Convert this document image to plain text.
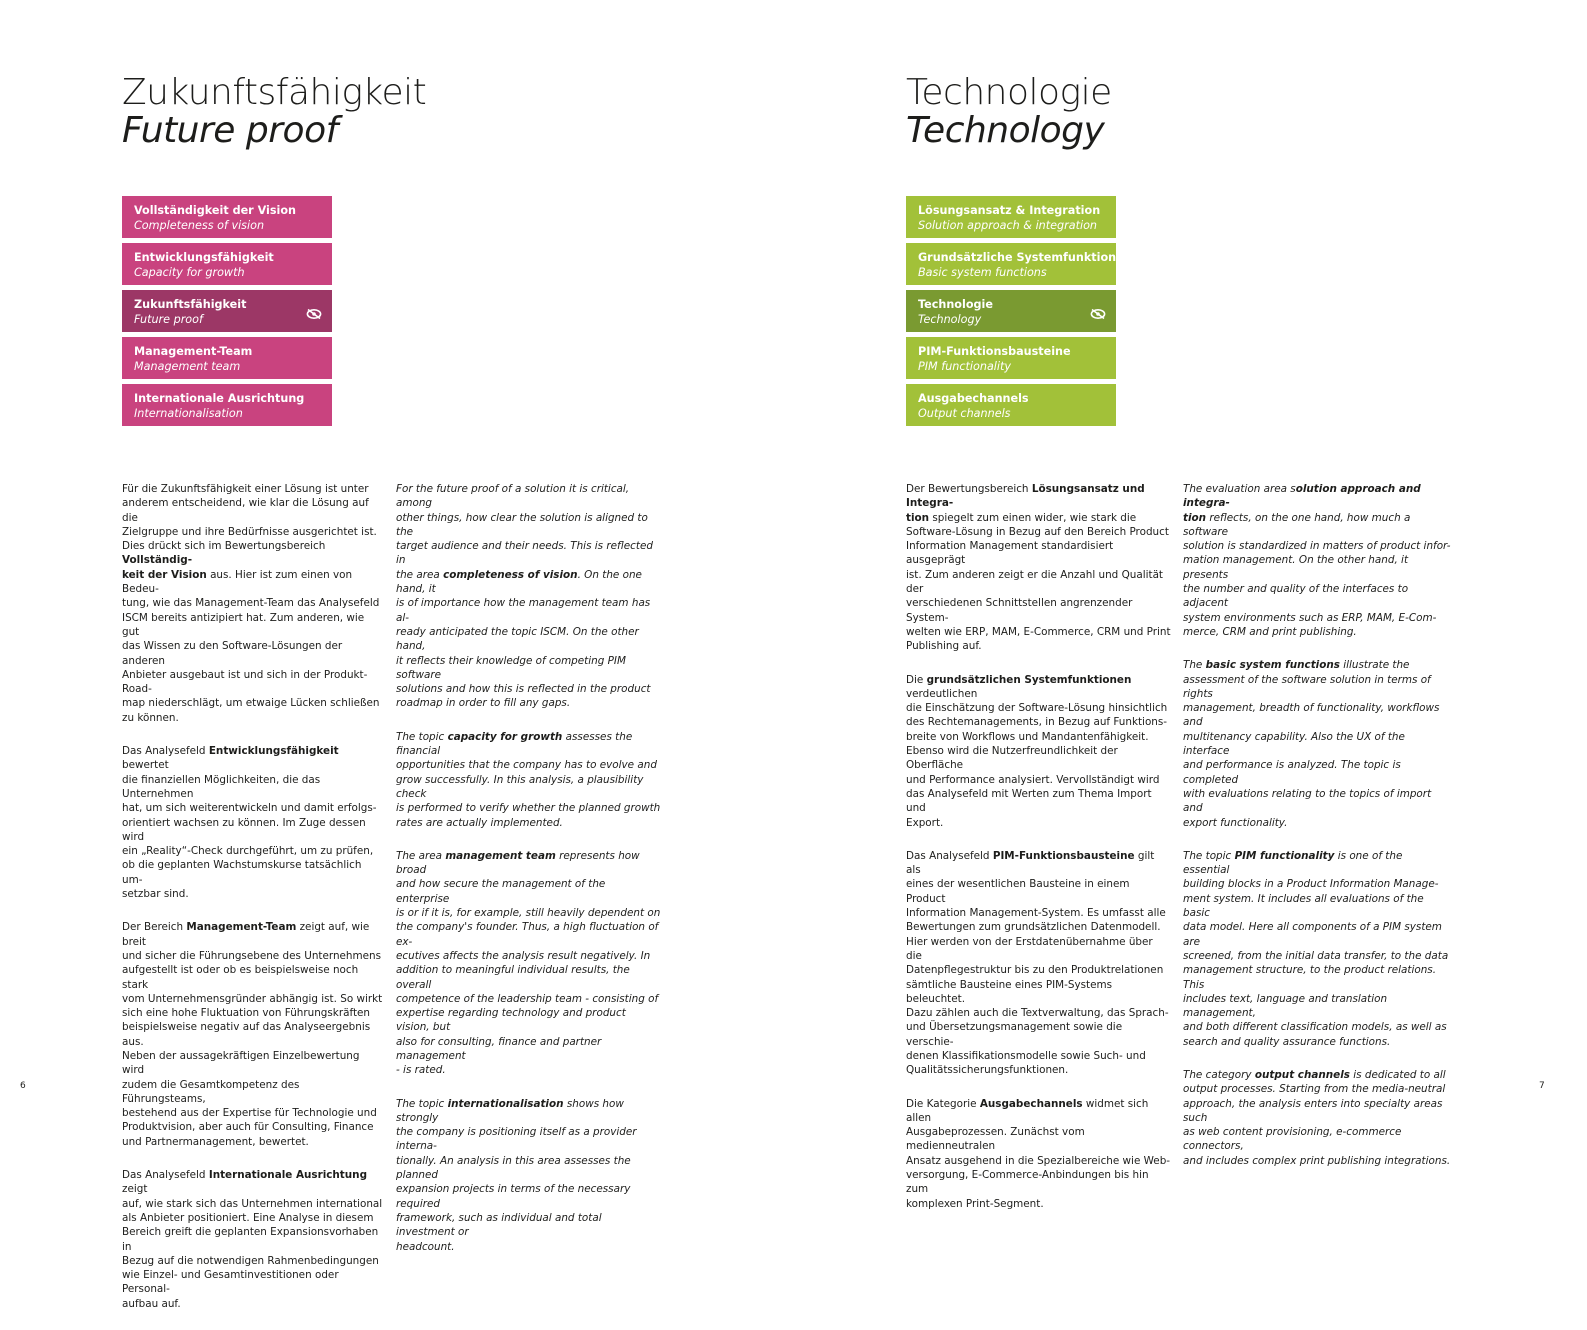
Zukunftsfähigkeit
Future proof
Vollständigkeit der Vision
Completeness of vision
Entwicklungsfähigkeit
Capacity for growth
Zukunftsfähigkeit
Future proof
Management-Team
Management team
Internationale Ausrichtung
Internationalisation

Für die Zukunftsfähigkeit einer Lösung ist unter
anderem entscheidend, wie klar die Lösung auf die
Zielgruppe und ihre Bedürfnisse ausgerichtet ist.
Dies drückt sich im Bewertungsbereich Vollständig-
keit der Vision aus. Hier ist zum einen von Bedeu-
tung, wie das Management-Team das Analysefeld
ISCM bereits antizipiert hat. Zum anderen, wie gut
das Wissen zu den Software-Lösungen der anderen
Anbieter ausgebaut ist und sich in der Produkt-Road-
map niederschlägt, um etwaige Lücken schließen
zu können.

Das Analysefeld Entwicklungsfähigkeit bewertet
die finanziellen Möglichkeiten, die das Unternehmen
hat, um sich weiterentwickeln und damit erfolgs-
orientiert wachsen zu können. Im Zuge dessen wird
ein „Reality“-Check durchgeführt, um zu prüfen,
ob die geplanten Wachstumskurse tatsächlich um-
setzbar sind.

Der Bereich Management-Team zeigt auf, wie breit
und sicher die Führungsebene des Unternehmens
aufgestellt ist oder ob es beispielsweise noch stark
vom Unternehmensgründer abhängig ist. So wirkt
sich eine hohe Fluktuation von Führungskräften
beispielsweise negativ auf das Analyseergebnis aus.
Neben der aussagekräftigen Einzelbewertung wird
zudem die Gesamtkompetenz des Führungsteams,
bestehend aus der Expertise für Technologie und
Produktvision, aber auch für Consulting, Finance
und Partnermanagement, bewertet.

Das Analysefeld Internationale Ausrichtung zeigt
auf, wie stark sich das Unternehmen international
als Anbieter positioniert. Eine Analyse in diesem
Bereich greift die geplanten Expansionsvorhaben in
Bezug auf die notwendigen Rahmenbedingungen
wie Einzel- und Gesamtinvestitionen oder Personal-
aufbau auf.

For the future proof of a solution it is critical, among
other things, how clear the solution is aligned to the
target audience and their needs. This is reflected in
the area completeness of vision. On the one hand, it
is of importance how the management team has al-
ready anticipated the topic ISCM. On the other hand,
it reflects their knowledge of competing PIM software
solutions and how this is reflected in the product
roadmap in order to fill any gaps.

The topic capacity for growth assesses the financial
opportunities that the company has to evolve and
grow successfully. In this analysis, a plausibility check
is performed to verify whether the planned growth
rates are actually implemented.

The area management team represents how broad
and how secure the management of the enterprise
is or if it is, for example, still heavily dependent on
the company's founder. Thus, a high fluctuation of ex-
ecutives affects the analysis result negatively. In
addition to meaningful individual results, the overall
competence of the leadership team - consisting of
expertise regarding technology and product vision, but
also for consulting, finance and partner management
- is rated.

The topic internationalisation shows how strongly
the company is positioning itself as a provider interna-
tionally. An analysis in this area assesses the planned
expansion projects in terms of the necessary required
framework, such as individual and total investment or
headcount.

6
Technologie
Technology
Lösungsansatz & Integration
Solution approach & integration
Grundsätzliche Systemfunktionen
Basic system functions
Technologie
Technology
PIM-Funktionsbausteine
PIM functionality
Ausgabechannels
Output channels

Der Bewertungsbereich Lösungsansatz und Integra-
tion spiegelt zum einen wider, wie stark die
Software-Lösung in Bezug auf den Bereich Product
Information Management standardisiert ausgeprägt
ist. Zum anderen zeigt er die Anzahl und Qualität der
verschiedenen Schnittstellen angrenzender System-
welten wie ERP, MAM, E-Commerce, CRM und Print
Publishing auf.

Die grundsätzlichen Systemfunktionen verdeutlichen
die Einschätzung der Software-Lösung hinsichtlich
des Rechtemanagements, in Bezug auf Funktions-
breite von Workflows und Mandantenfähigkeit.
Ebenso wird die Nutzerfreundlichkeit der Oberfläche
und Performance analysiert. Vervollständigt wird
das Analysefeld mit Werten zum Thema Import und
Export.

Das Analysefeld PIM-Funktionsbausteine gilt als
eines der wesentlichen Bausteine in einem Product
Information Management-System. Es umfasst alle
Bewertungen zum grundsätzlichen Datenmodell.
Hier werden von der Erstdatenübernahme über die
Datenpflegestruktur bis zu den Produktrelationen
sämtliche Bausteine eines PIM-Systems beleuchtet.
Dazu zählen auch die Textverwaltung, das Sprach-
und Übersetzungsmanagement sowie die verschie-
denen Klassifikationsmodelle sowie Such- und
Qualitätssicherungsfunktionen.

Die Kategorie Ausgabechannels widmet sich allen
Ausgabeprozessen. Zunächst vom medienneutralen
Ansatz ausgehend in die Spezialbereiche wie Web-
versorgung, E-Commerce-Anbindungen bis hin zum
komplexen Print-Segment.

The evaluation area solution approach and integra-
tion reflects, on the one hand, how much a software
solution is standardized in matters of product infor-
mation management. On the other hand, it presents
the number and quality of the interfaces to adjacent
system environments such as ERP, MAM, E-Com-
merce, CRM and print publishing.

The basic system functions illustrate the
assessment of the software solution in terms of rights
management, breadth of functionality, workflows and
multitenancy capability. Also the UX of the interface
and performance is analyzed. The topic is completed
with evaluations relating to the topics of import and
export functionality.

The topic PIM functionality is one of the essential
building blocks in a Product Information Manage-
ment system. It includes all evaluations of the basic
data model. Here all components of a PIM system are
screened, from the initial data transfer, to the data
management structure, to the product relations. This
includes text, language and translation management,
and both different classification models, as well as
search and quality assurance functions.

The category output channels is dedicated to all
output processes. Starting from the media-neutral
approach, the analysis enters into specialty areas such
as web content provisioning, e-commerce connectors,
and includes complex print publishing integrations.

7
